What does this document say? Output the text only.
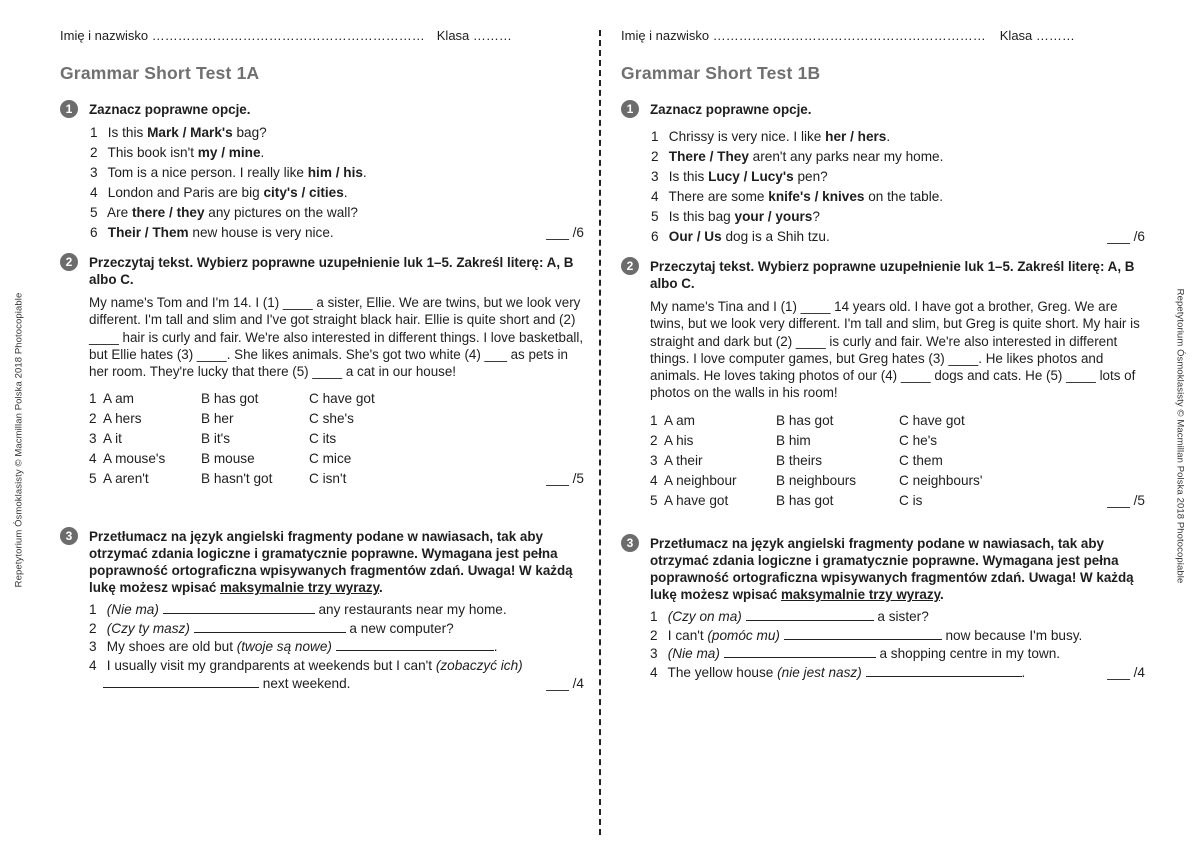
Repetytorium Ósmoklasisty © Macmillan Polska 2018 Photocopiable	Repetytorium Ósmoklasisty © Macmillan Polska 2018 Photocopiable
Imię i nazwisko
……………………………………………………… Klasa
………
Grammar Short Test 1A
1	Zaznacz poprawne opcje.
1 Is this Mark / Mark's bag?
2 This book isn't my / mine.
3 Tom is a nice person. I really like him / his.
4 London and Paris are big city's / cities.
5 Are there / they any pictures on the wall?
6 Their / Them new house is very nice.	___ /6
2	Przeczytaj tekst. Wybierz poprawne uzupełnienie luk 1–5. Zakreśl literę: A, B albo C.
My name's Tom and I'm 14. I (1) ____ a sister, Ellie. We are twins, but we look very different. I'm tall and slim and I've got straight black hair. Ellie is quite short and (2) ____ hair is curly and fair. We're also interested in different things. I love basketball, but Ellie hates (3) ____. She likes animals. She's got two white (4) ___ as pets in her room. They're lucky that there (5) ____ a cat in our house!
1 A am	B has got	C have got
2 A hers	B her	C she's
3 A it	B it's	C its
4 A mouse's	B mouse	C mice
5 A aren't	B hasn't got	C isn't	___ /5
3	Przetłumacz na język angielski fragmenty podane w nawiasach, tak aby otrzymać zdania logiczne i gramatycznie poprawne. Wymagana jest pełna poprawność ortograficzna wpisywanych fragmentów zdań. Uwaga! W każdą lukę możesz wpisać maksymalnie trzy wyrazy.
1 (Nie ma)	any restaurants near my home.
2 (Czy ty masz)	a new computer?
3 My shoes are old but (twoje są nowe)	.
4 I usually visit my grandparents at weekends but I can't (zobaczyć ich)
next weekend.	___ /4
Imię i nazwisko
……………………………………………………… Klasa
………
Grammar Short Test 1B
1	Zaznacz poprawne opcje.
1 Chrissy is very nice. I like her / hers.
2 There / They aren't any parks near my home.
3 Is this Lucy / Lucy's pen?
4 There are some knife's / knives on the table.
5 Is this bag your / yours?
6 Our / Us dog is a Shih tzu.	___ /6
2	Przeczytaj tekst. Wybierz poprawne uzupełnienie luk 1–5. Zakreśl literę: A, B albo C.
My name's Tina and I (1) ____ 14 years old. I have got a brother, Greg. We are twins, but we look very different. I'm tall and slim, but Greg is quite short. My hair is straight and dark but (2) ____ is curly and fair. We're also interested in different things. I love computer games, but Greg hates (3) ____. He likes photos and animals. He loves taking photos of our (4) ____ dogs and cats. He (5) ____ lots of photos on the walls in his room!
1 A am	B has got	C have got
2 A his	B him	C he's
3 A their	B theirs	C them
4 A neighbour	B neighbours	C neighbours'
5 A have got	B has got	C is	___ /5
3	Przetłumacz na język angielski fragmenty podane w nawiasach, tak aby otrzymać zdania logiczne i gramatycznie poprawne. Wymagana jest pełna poprawność ortograficzna wpisywanych fragmentów zdań. Uwaga! W każdą lukę możesz wpisać maksymalnie trzy wyrazy.
1 (Czy on ma)	a sister?
2 I can't (pomóc mu)	now because I'm busy.
3 (Nie ma)	a shopping centre in my town.
4 The yellow house (nie jest nasz)	.	___ /4
